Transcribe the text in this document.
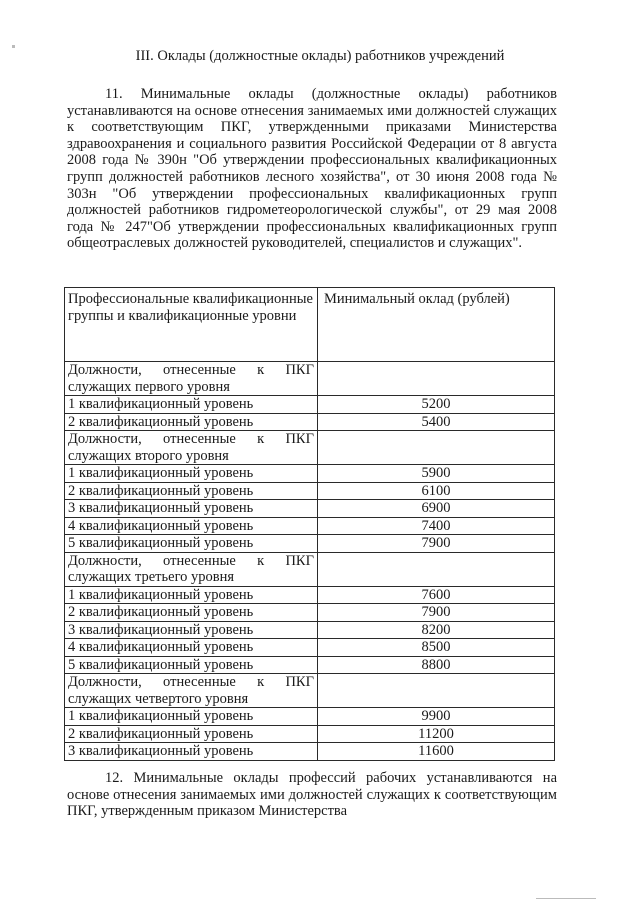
III. Оклады (должностные оклады) работников учреждений

11. Минимальные оклады (должностные оклады) работников устанавливаются на основе отнесения занимаемых ими должностей служащих к соответствующим ПКГ, утвержденными приказами Министерства здравоохранения и социального развития Российской Федерации от 8 августа 2008 года № 390н "Об утверждении профессиональных квалификационных групп должностей работников лесного хозяйства", от 30 июня 2008 года № 303н "Об утверждении профессиональных квалификационных групп должностей работников гидрометеорологической службы", от 29 мая 2008 года № 247"Об утверждении профессиональных квалификационных групп общеотраслевых должностей руководителей, специалистов и служащих".

Профессиональные квалификационные группы и квалификационные уровни	Минимальный оклад (рублей)
Должности, отнесенные к ПКГ служащих первого уровня	
1 квалификационный уровень	5200
2 квалификационный уровень	5400
Должности, отнесенные к ПКГ служащих второго уровня	
1 квалификационный уровень	5900
2 квалификационный уровень	6100
3 квалификационный уровень	6900
4 квалификационный уровень	7400
5 квалификационный уровень	7900
Должности, отнесенные к ПКГ служащих третьего уровня	
1 квалификационный уровень	7600
2 квалификационный уровень	7900
3 квалификационный уровень	8200
4 квалификационный уровень	8500
5 квалификационный уровень	8800
Должности, отнесенные к ПКГ служащих четвертого уровня	
1 квалификационный уровень	9900
2 квалификационный уровень	11200
3 квалификационный уровень	11600

12. Минимальные оклады профессий рабочих устанавливаются на основе отнесения занимаемых ими должностей служащих к соответствующим ПКГ, утвержденным приказом Министерства
